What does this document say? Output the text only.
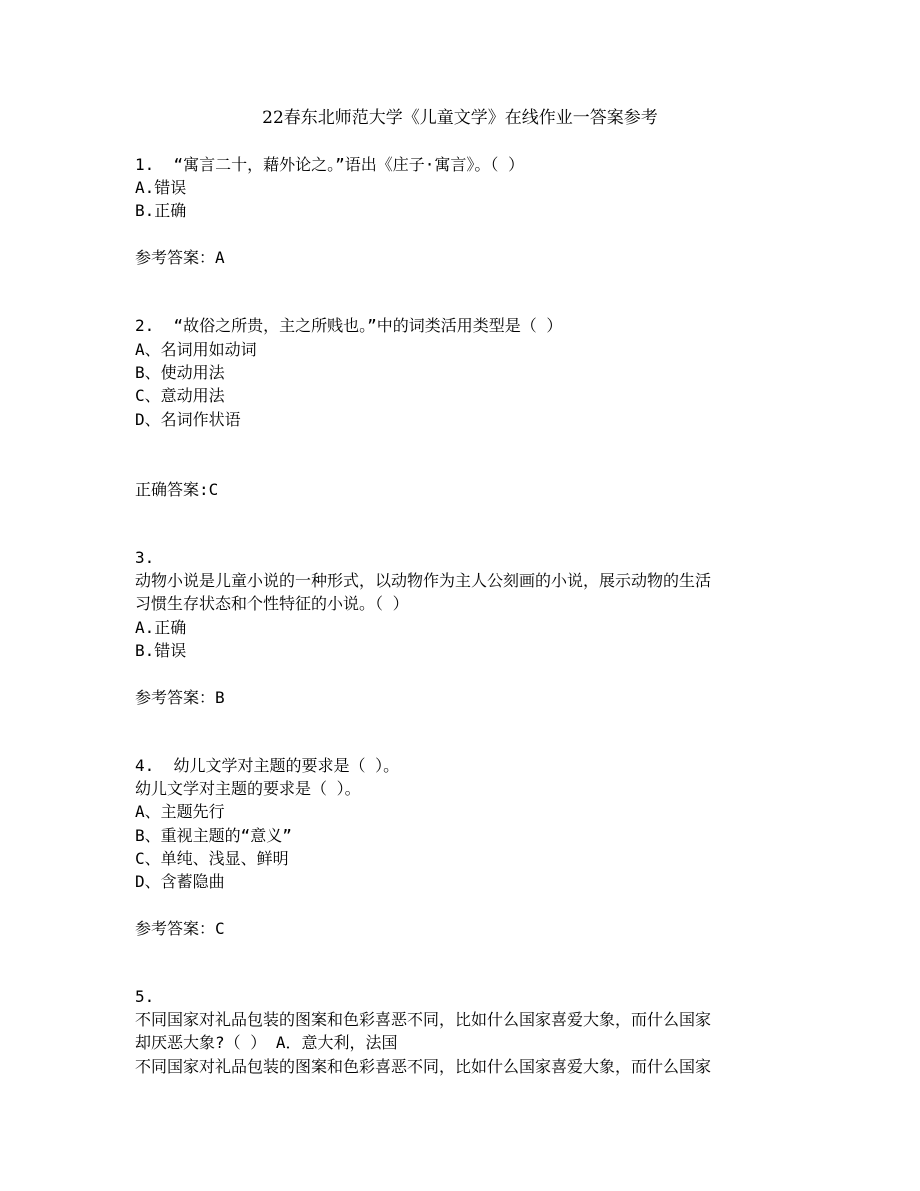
22春东北师范大学《儿童文学》在线作业一答案参考
1. “寓言二十，藉外论之。”语出《庄子·寓言》。（ ）
A.错误
B.正确
参考答案：A
2. “故俗之所贵，主之所贱也。”中的词类活用类型是（ ）
A、名词用如动词
B、使动用法
C、意动用法
D、名词作状语
正确答案:C
3.
动物小说是儿童小说的一种形式，以动物作为主人公刻画的小说，展示动物的生活
习惯生存状态和个性特征的小说。（ ）
A.正确
B.错误
参考答案：B
4. 幼儿文学对主题的要求是（ ）。
幼儿文学对主题的要求是（ ）。
A、主题先行
B、重视主题的“意义”
C、单纯、浅显、鲜明
D、含蓄隐曲
参考答案：C
5.
不同国家对礼品包装的图案和色彩喜恶不同，比如什么国家喜爱大象，而什么国家
却厌恶大象?（ ） A．意大利，法国
不同国家对礼品包装的图案和色彩喜恶不同，比如什么国家喜爱大象，而什么国家
